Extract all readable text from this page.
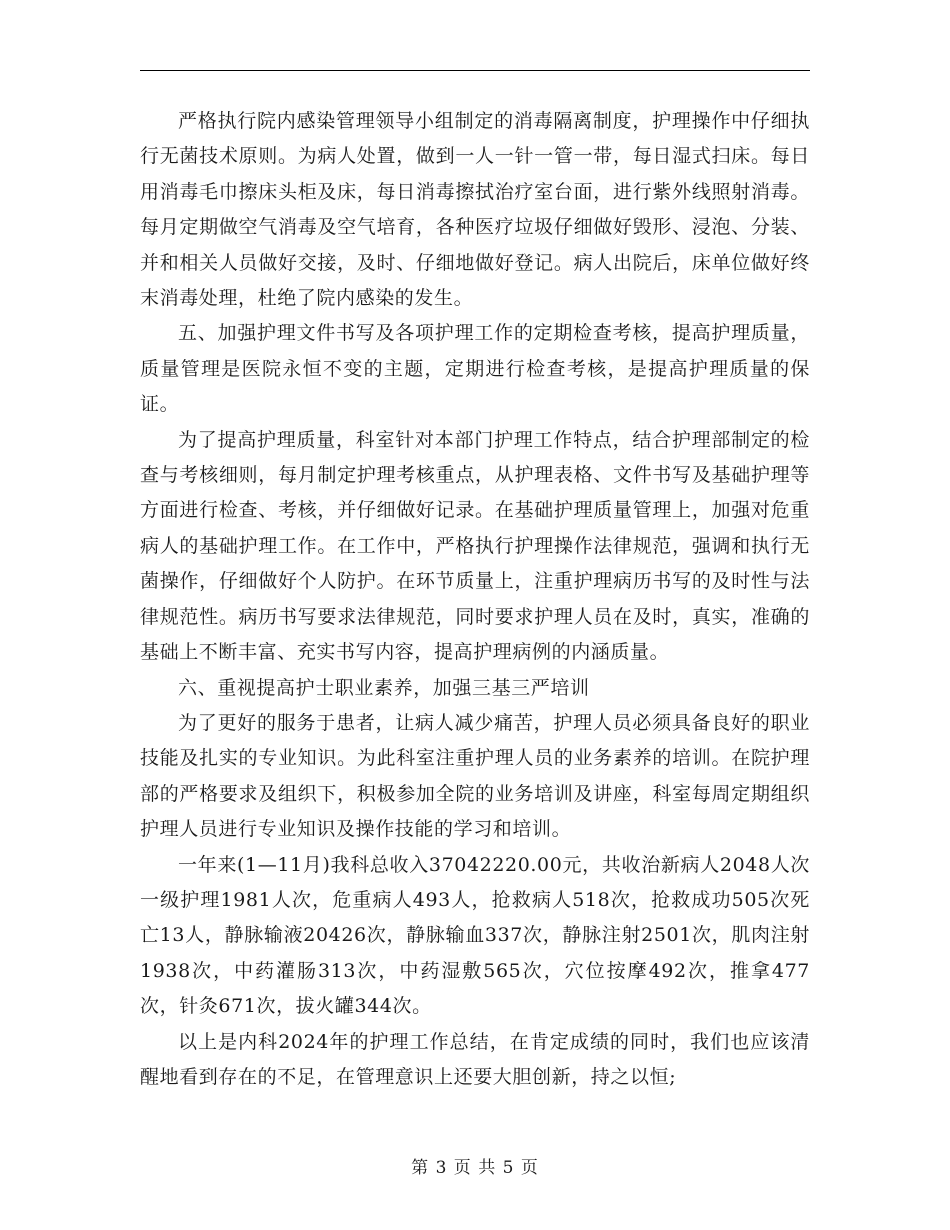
严格执行院内感染管理领导小组制定的消毒隔离制度，护理操作中仔细执行无菌技术原则。为病人处置，做到一人一针一管一带，每日湿式扫床。每日用消毒毛巾擦床头柜及床，每日消毒擦拭治疗室台面，进行紫外线照射消毒。每月定期做空气消毒及空气培育，各种医疗垃圾仔细做好毁形、浸泡、分装、并和相关人员做好交接，及时、仔细地做好登记。病人出院后，床单位做好终末消毒处理，杜绝了院内感染的发生。

五、加强护理文件书写及各项护理工作的定期检查考核，提高护理质量，质量管理是医院永恒不变的主题，定期进行检查考核，是提高护理质量的保证。

为了提高护理质量，科室针对本部门护理工作特点，结合护理部制定的检查与考核细则，每月制定护理考核重点，从护理表格、文件书写及基础护理等方面进行检查、考核，并仔细做好记录。在基础护理质量管理上，加强对危重病人的基础护理工作。在工作中，严格执行护理操作法律规范，强调和执行无菌操作，仔细做好个人防护。在环节质量上，注重护理病历书写的及时性与法律规范性。病历书写要求法律规范，同时要求护理人员在及时，真实，准确的基础上不断丰富、充实书写内容，提高护理病例的内涵质量。

六、重视提高护士职业素养，加强三基三严培训

为了更好的服务于患者，让病人减少痛苦，护理人员必须具备良好的职业技能及扎实的专业知识。为此科室注重护理人员的业务素养的培训。在院护理部的严格要求及组织下，积极参加全院的业务培训及讲座，科室每周定期组织护理人员进行专业知识及操作技能的学习和培训。

一年来(1—11月)我科总收入37042220.00元，共收治新病人2048人次一级护理1981人次，危重病人493人，抢救病人518次，抢救成功505次死亡13人，静脉输液20426次，静脉输血337次，静脉注射2501次，肌肉注射1938次，中药灌肠313次，中药湿敷565次，穴位按摩492次，推拿477次，针灸671次，拔火罐344次。

以上是内科2024年的护理工作总结，在肯定成绩的同时，我们也应该清醒地看到存在的不足，在管理意识上还要大胆创新，持之以恒;

第 3 页 共 5 页
